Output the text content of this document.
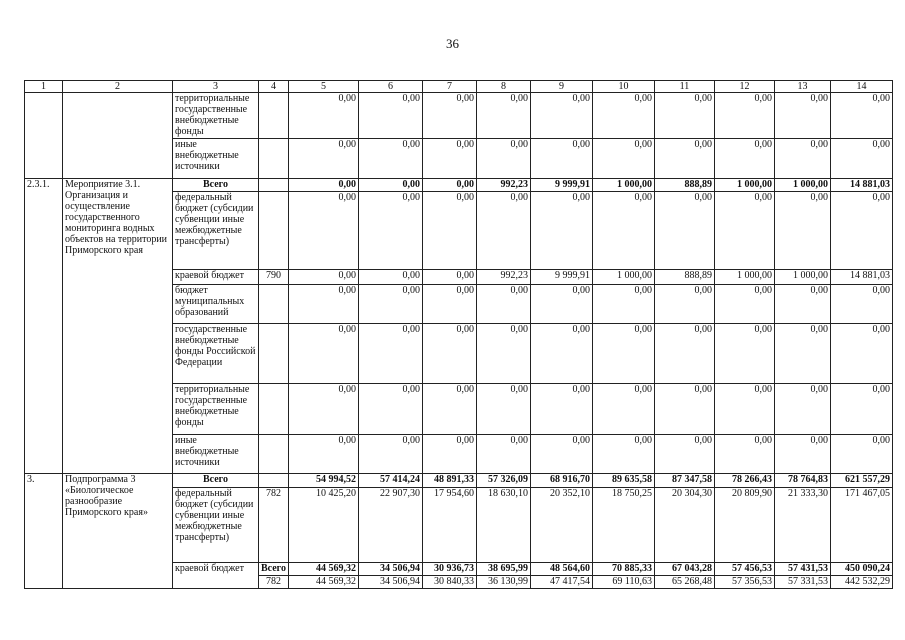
36
1	2	3	4	5	6	7	8	9	10	11	12	13	14
		территориальные государственные внебюджетные фонды		0,00	0,00	0,00	0,00	0,00	0,00	0,00	0,00	0,00	0,00
		иные внебюджетные источники		0,00	0,00	0,00	0,00	0,00	0,00	0,00	0,00	0,00	0,00
2.3.1.	Мероприятие 3.1. Организация и осуществление государственного мониторинга водных объектов на территории Приморского края	Всего		0,00	0,00	0,00	992,23	9 999,91	1 000,00	888,89	1 000,00	1 000,00	14 881,03
		федеральный бюджет (субсидии субвенции иные межбюджетные трансферты)		0,00	0,00	0,00	0,00	0,00	0,00	0,00	0,00	0,00	0,00
		краевой бюджет	790	0,00	0,00	0,00	992,23	9 999,91	1 000,00	888,89	1 000,00	1 000,00	14 881,03
		бюджет муниципальных образований		0,00	0,00	0,00	0,00	0,00	0,00	0,00	0,00	0,00	0,00
		государственные внебюджетные фонды Российской Федерации		0,00	0,00	0,00	0,00	0,00	0,00	0,00	0,00	0,00	0,00
		территориальные государственные внебюджетные фонды		0,00	0,00	0,00	0,00	0,00	0,00	0,00	0,00	0,00	0,00
		иные внебюджетные источники		0,00	0,00	0,00	0,00	0,00	0,00	0,00	0,00	0,00	0,00
3.	Подпрограмма 3 «Биологическое разнообразие Приморского края»	Всего		54 994,52	57 414,24	48 891,33	57 326,09	68 916,70	89 635,58	87 347,58	78 266,43	78 764,83	621 557,29
		федеральный бюджет (субсидии субвенции иные межбюджетные трансферты)	782	10 425,20	22 907,30	17 954,60	18 630,10	20 352,10	18 750,25	20 304,30	20 809,90	21 333,30	171 467,05
		краевой бюджет	Всего	44 569,32	34 506,94	30 936,73	38 695,99	48 564,60	70 885,33	67 043,28	57 456,53	57 431,53	450 090,24
			782	44 569,32	34 506,94	30 840,33	36 130,99	47 417,54	69 110,63	65 268,48	57 356,53	57 331,53	442 532,29
